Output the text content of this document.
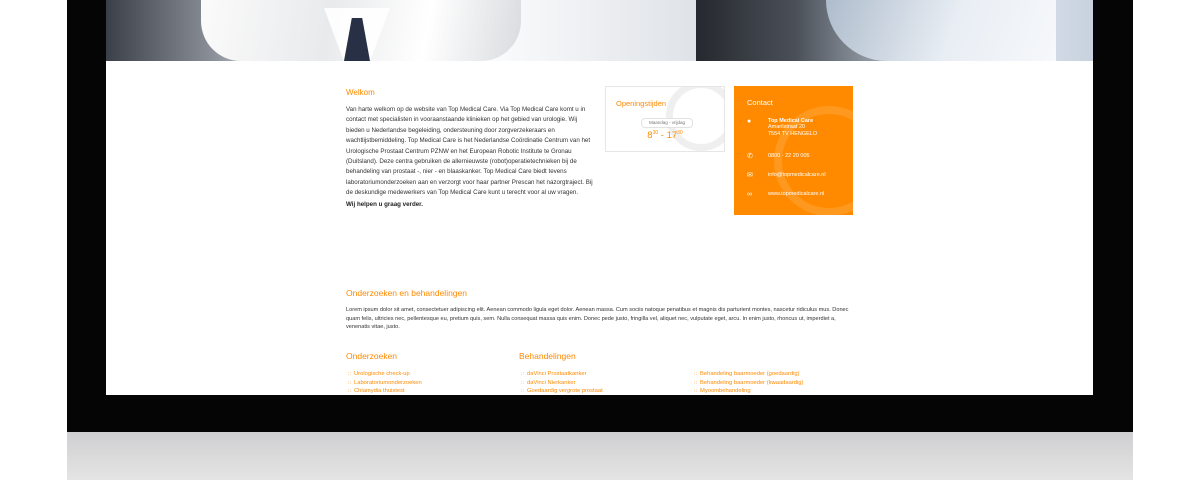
Welkom

Van harte welkom op de website van Top Medical Care. Via Top Medical Care komt u in contact met specialisten in vooraanstaande klinieken op het gebied van urologie. Wij bieden u Nederlandse begeleiding, ondersteuning door zorgverzekeraars en wachtlijstbemiddeling. Top Medical Care is het Nederlandse Coördinatie Centrum van het Urologische Prostaat Centrum PZNW en het European Robotic Institute te Gronau (Duitsland). Deze centra gebruiken de allernieuwste (robot)operatietechnieken bij de behandeling van prostaat -, nier - en blaaskanker. Top Medical Care biedt tevens laboratoriumonderzoeken aan en verzorgt voor haar partner Prescan het nazorgtraject. Bij de deskundige medewerkers van Top Medical Care kunt u terecht voor al uw vragen.

Wij helpen u graag verder.

Openingstijden
Maandag - vrijdag
$8^{30} - 17^{30}$
Contact
●	Top Medical Care
Amarilstraat 20
7554 TV HENGELO
✆	0800 - 22 20 005
✉	info@topmedicalcare.nl
∞	www.topmedicalcare.nl
Onderzoeken en behandelingen

Lorem ipsum dolor sit amet, consectetuer adipiscing elit. Aenean commodo ligula eget dolor. Aenean massa. Cum sociis natoque penatibus et magnis dis parturient montes, nascetur ridiculus mus. Donec quam felis, ultricies nec, pellentesque eu, pretium quis, sem. Nulla consequat massa quis enim. Donec pede justo, fringilla vel, aliquet nec, vulputate eget, arcu. In enim justo, rhoncus ut, imperdiet a, venenatis vitae, justo.

Onderzoeken	Behandelingen
∷ Urologische check-up
∷ Laboratoriumonderzoeken
∷ Chlamydia thuistest
∷ daVinci Prostaatkanker
∷ daVinci Nierkanker
∷ Goedaardig vergrote prostaat
∷ Behandeling baarmoeder (goedaardig)
∷ Behandeling baarmoeder (kwaadaardig)
∷ Myoombehandeling
